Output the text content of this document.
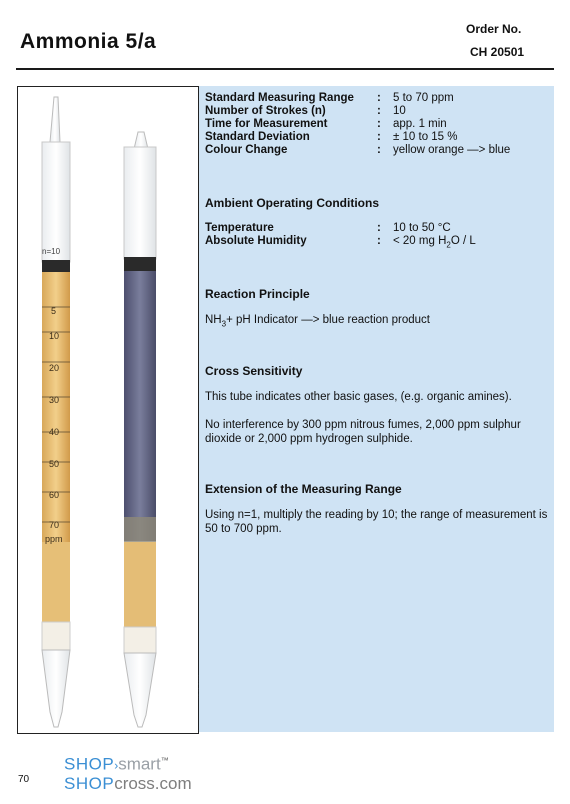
Ammonia 5/a
Order No.
CH 20501
n=10
5
10
20
30
40
50
60
70
ppm
Standard Measuring Range	:	5 to 70 ppm
Number of Strokes (n)	:	10
Time for Measurement	:	app. 1 min
Standard Deviation	:	± 10 to 15 %
Colour Change	:	yellow orange —> blue
Ambient Operating Conditions
Temperature	:	10 to 50 °C
Absolute Humidity	:	< 20 mg $H_2O$ / L
Reaction Principle
$NH_3+$ pH Indicator —> blue reaction product
Cross Sensitivity
This tube indicates other basic gases, (e.g. organic amines).
No interference by 300 ppm nitrous fumes, 2,000 ppm sulphur dioxide or 2,000 ppm hydrogen sulphide.
Extension of the Measuring Range
Using n=1, multiply the reading by 10; the range of measurement is 50 to 700 ppm.
SHOP›smart™
SHOPcross.com
70
